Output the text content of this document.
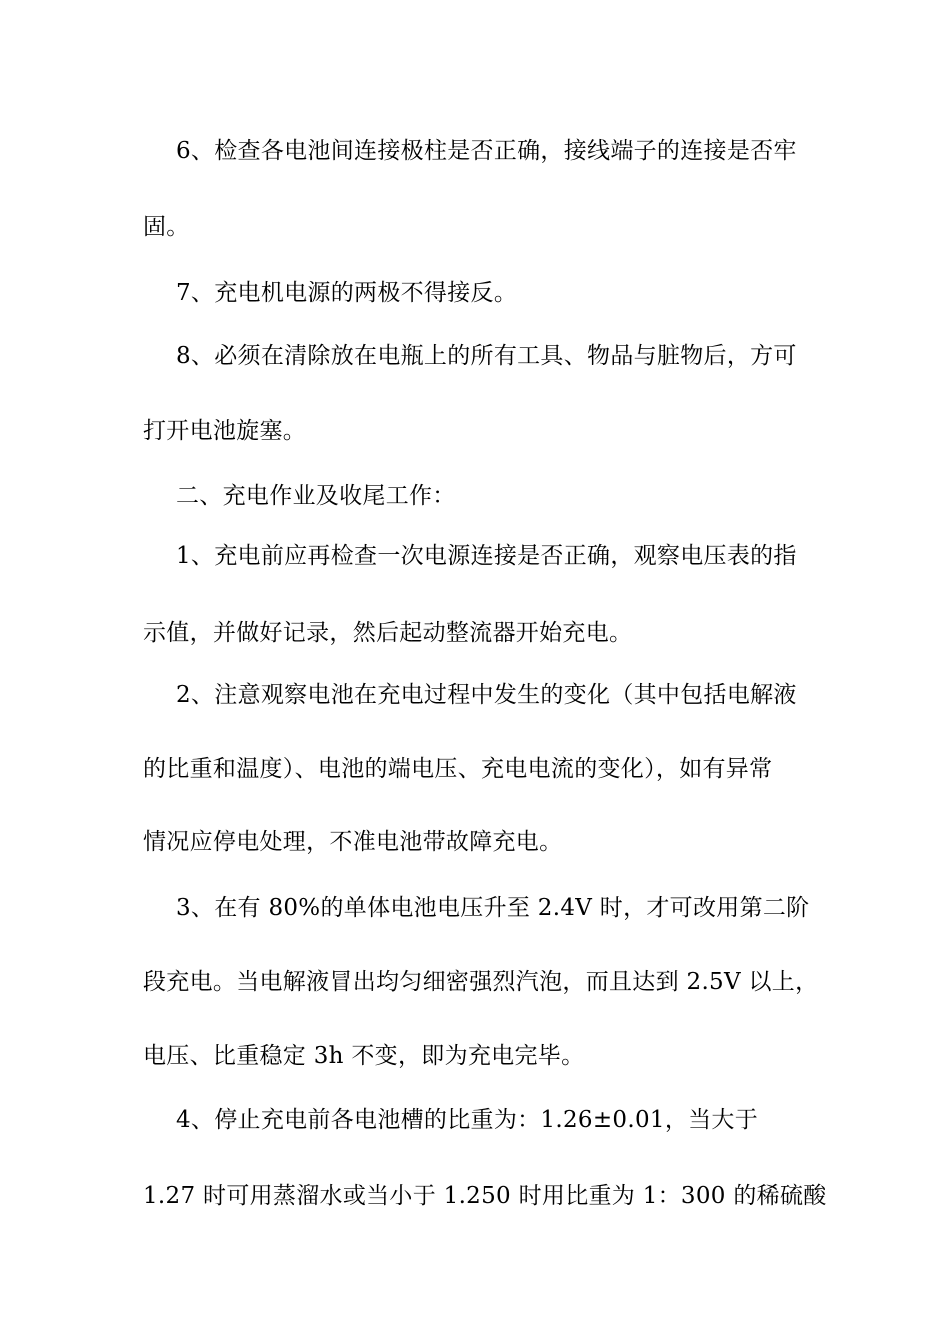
6、检查各电池间连接极柱是否正确，接线端子的连接是否牢
固。
7、充电机电源的两极不得接反。
8、必须在清除放在电瓶上的所有工具、物品与脏物后，方可
打开电池旋塞。
二、充电作业及收尾工作：
1、充电前应再检查一次电源连接是否正确，观察电压表的指
示值，并做好记录，然后起动整流器开始充电。
2、注意观察电池在充电过程中发生的变化（其中包括电解液
的比重和温度）、电池的端电压、充电电流的变化），如有异常
情况应停电处理，不准电池带故障充电。
3、在有 80%的单体电池电压升至 2.4V 时，才可改用第二阶
段充电。当电解液冒出均匀细密强烈汽泡，而且达到 2.5V 以上，
电压、比重稳定 3h 不变，即为充电完毕。
4、停止充电前各电池槽的比重为：1.26±0.01，当大于
1.27 时可用蒸溜水或当小于 1.250 时用比重为 1：300 的稀硫酸
